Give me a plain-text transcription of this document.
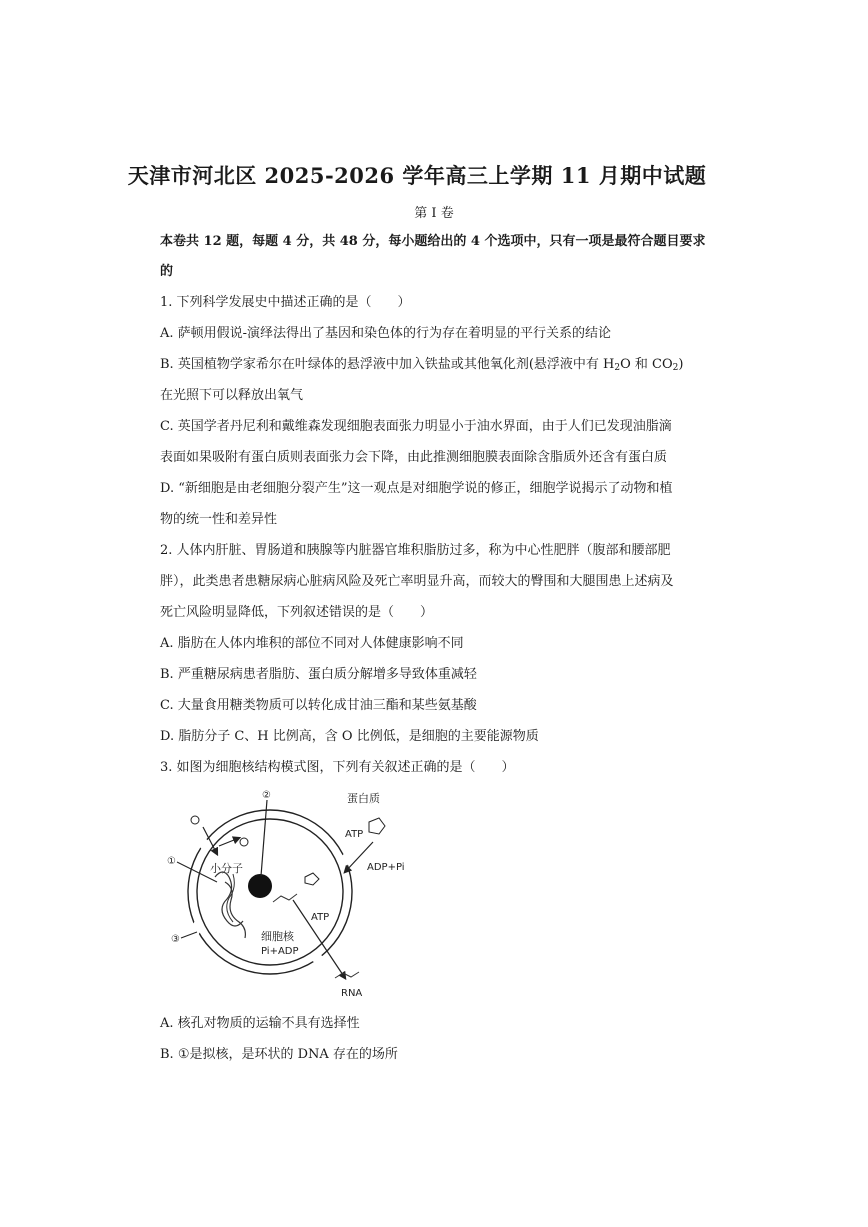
天津市河北区 2025-2026 学年高三上学期 11 月期中试题
第 I 卷
本卷共 12 题，每题 4 分，共 48 分，每小题给出的 4 个选项中，只有一项是最符合题目要求
的
1. 下列科学发展史中描述正确的是（　　）
A. 萨顿用假说-演绎法得出了基因和染色体的行为存在着明显的平行关系的结论
B. 英国植物学家希尔在叶绿体的悬浮液中加入铁盐或其他氧化剂(悬浮液中有 $H_2O$ 和 $CO_2$)
在光照下可以释放出氧气
C. 英国学者丹尼利和戴维森发现细胞表面张力明显小于油水界面，由于人们已发现油脂滴
表面如果吸附有蛋白质则表面张力会下降，由此推测细胞膜表面除含脂质外还含有蛋白质
D. “新细胞是由老细胞分裂产生”这一观点是对细胞学说的修正，细胞学说揭示了动物和植
物的统一性和差异性
2. 人体内肝脏、胃肠道和胰腺等内脏器官堆积脂肪过多，称为中心性肥胖（腹部和腰部肥
胖），此类患者患糖尿病心脏病风险及死亡率明显升高，而较大的臀围和大腿围患上述病及
死亡风险明显降低，下列叙述错误的是（　　）
A. 脂肪在人体内堆积的部位不同对人体健康影响不同
B. 严重糖尿病患者脂肪、蛋白质分解增多导致体重减轻
C. 大量食用糖类物质可以转化成甘油三酯和某些氨基酸
D. 脂肪分子 C、H 比例高，含 O 比例低，是细胞的主要能源物质
3. 如图为细胞核结构模式图，下列有关叙述正确的是（　　）
②
①
③
蛋白质
ATP
ADP+Pi
小分子
ATP
细胞核
Pi+ADP
RNA
A. 核孔对物质的运输不具有选择性
B. ①是拟核，是环状的 DNA 存在的场所
